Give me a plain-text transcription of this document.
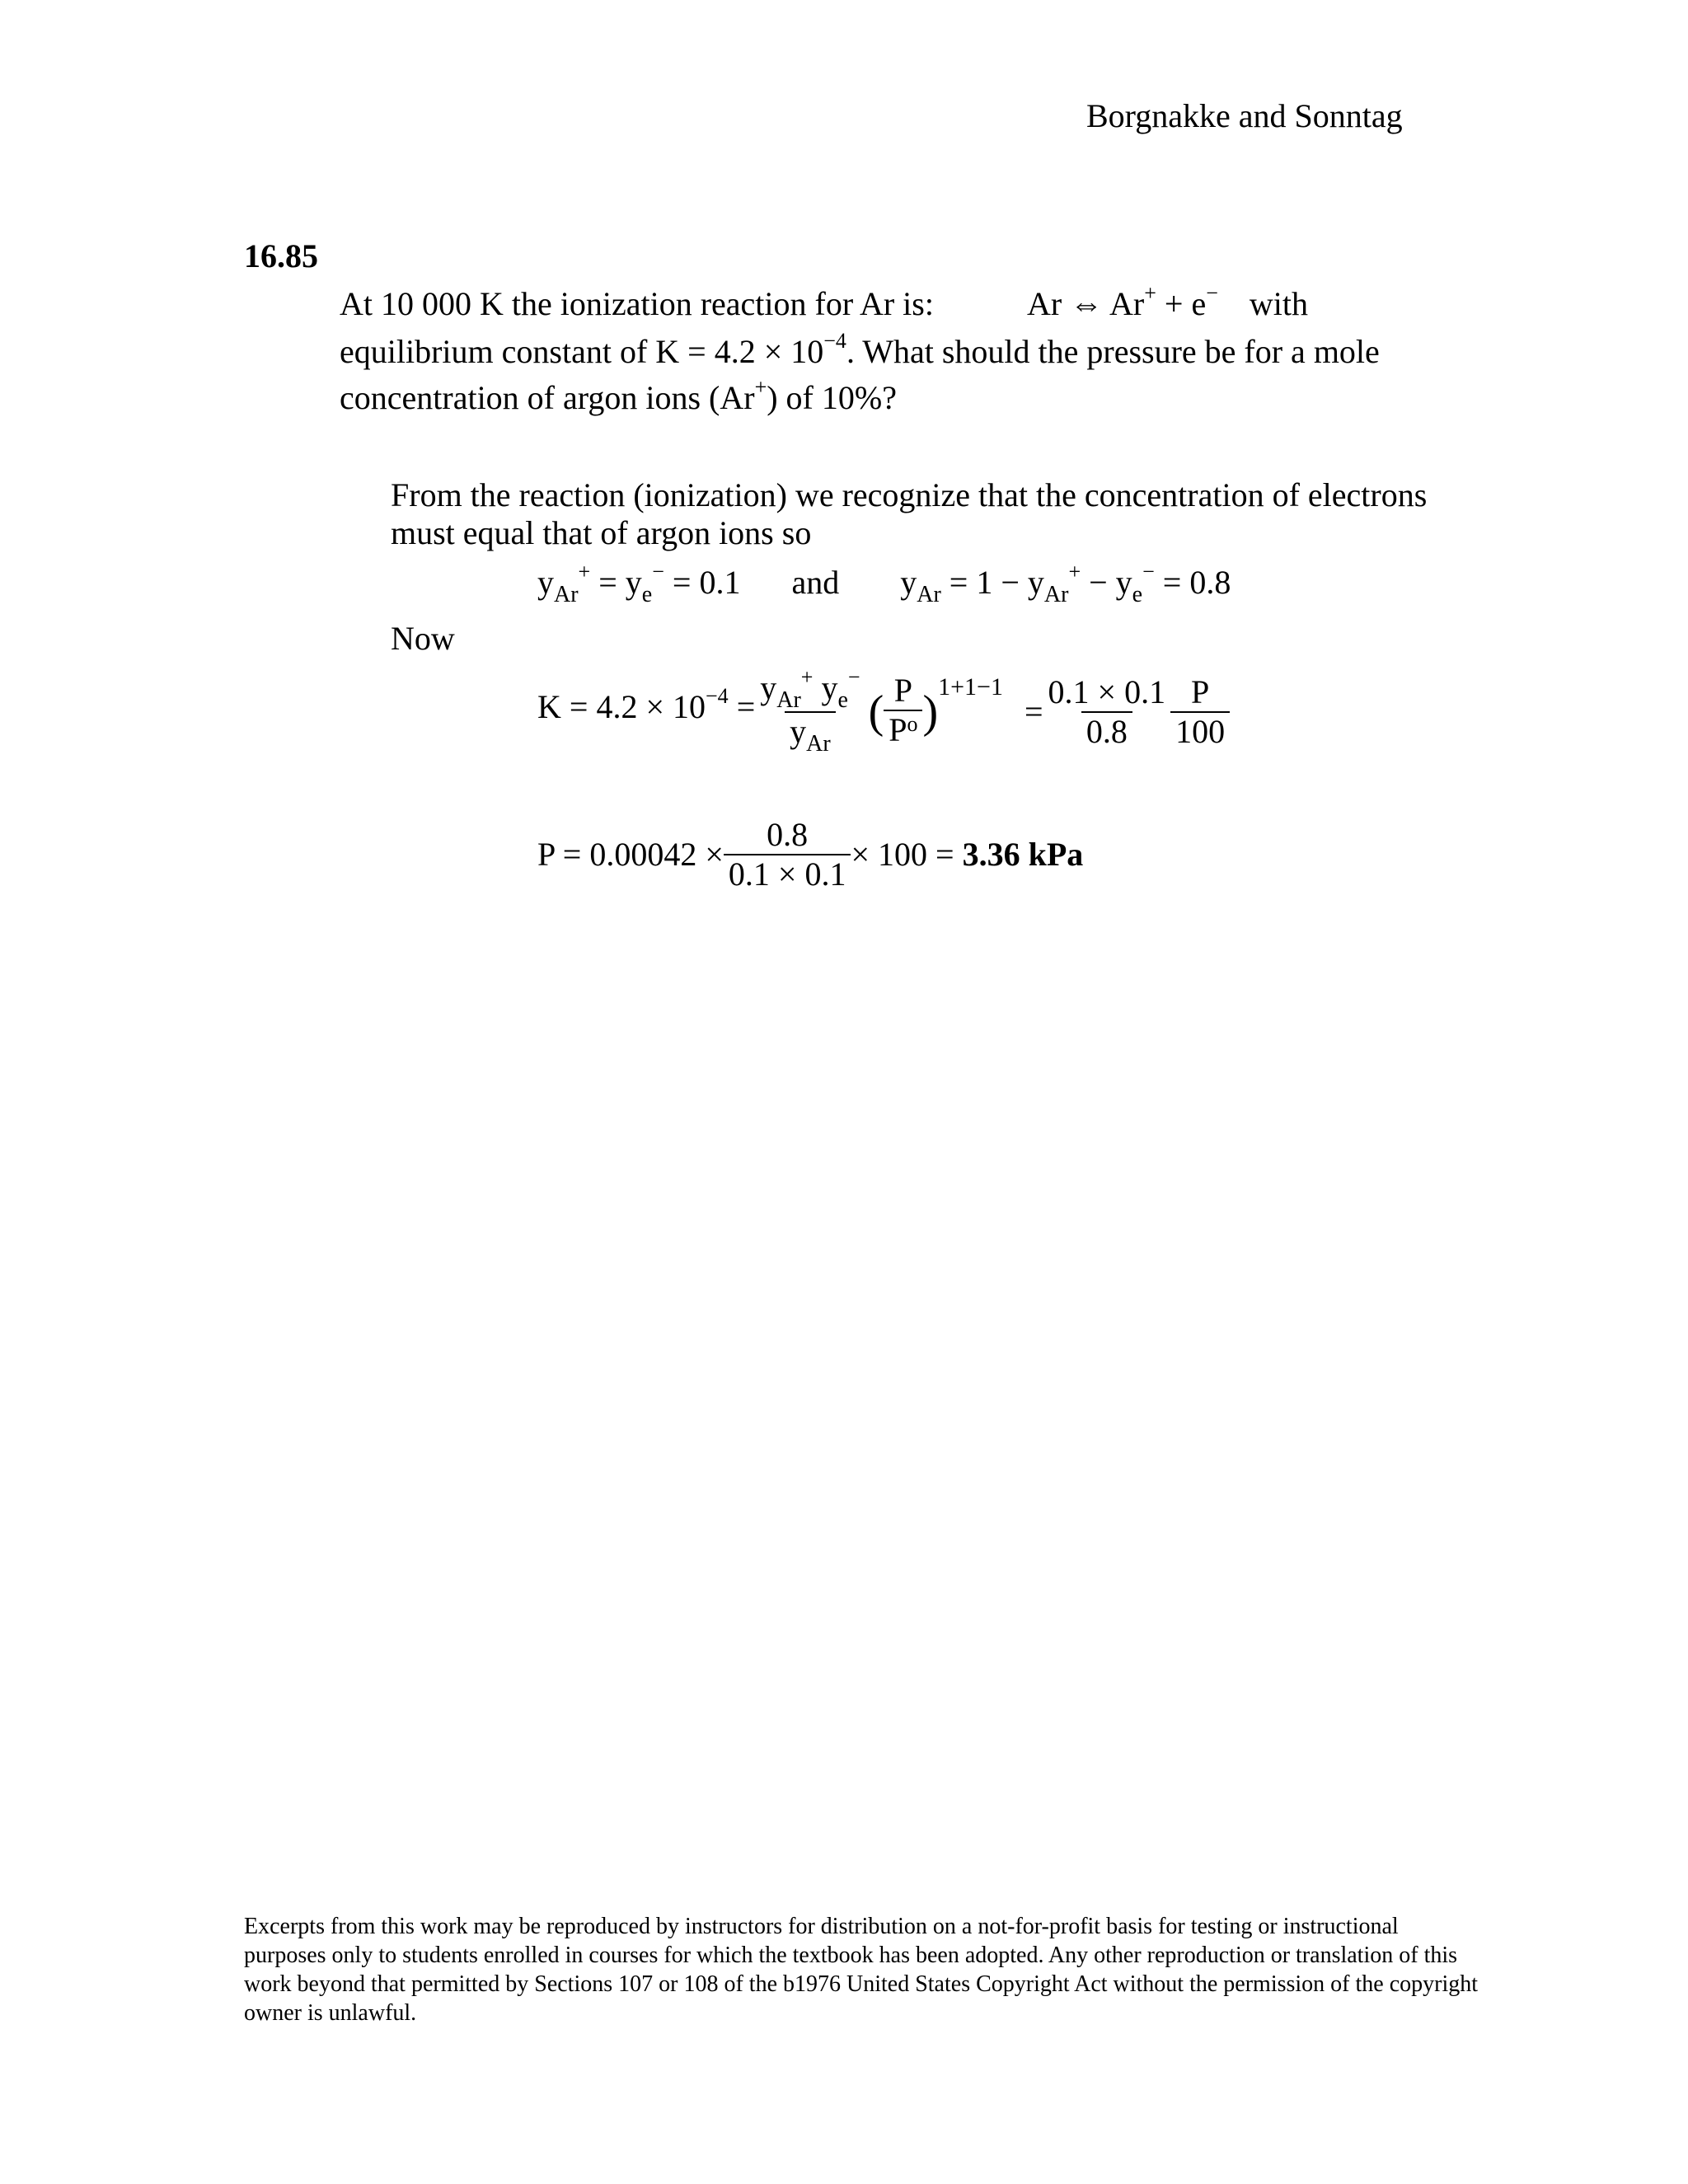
Borgnakke and Sonntag
16.85
At 10 000 K the ionization reaction for Ar is:	Ar ⇔ Ar+ + e− with
equilibrium constant of $K = 4.2 \times 10^{-4}$. What should the pressure be for a mole
concentration of argon ions (Ar+) of 10%?
From the reaction (ionization) we recognize that the concentration of electrons
must equal that of argon ions so
$y_{Ar}^+ = y_e^- = 0.1$ and $y_{Ar} = 1 - y_{Ar}^+ - y_e^- = 0.8$
Now
$K = 4.2 \times 10^{-4} = \frac{y_{Ar}^+ y_e^-}{y_{Ar}}$ ( $\frac{P}{P^o}$ ) 1+1−1
= $\frac{0.1 \times 0.1}{0.8} \frac{P}{100}$
$P = 0.00042 \times \frac{0.8}{0.1 \times 0.1} \times 100 = 3.36$ kPa
Excerpts from this work may be reproduced by instructors for distribution on a not-for-profit basis for testing or instructional purposes only to students enrolled in courses for which the textbook has been adopted. Any other reproduction or translation of this work beyond that permitted by Sections 107 or 108 of the b1976 United States Copyright Act without the permission of the copyright owner is unlawful.
